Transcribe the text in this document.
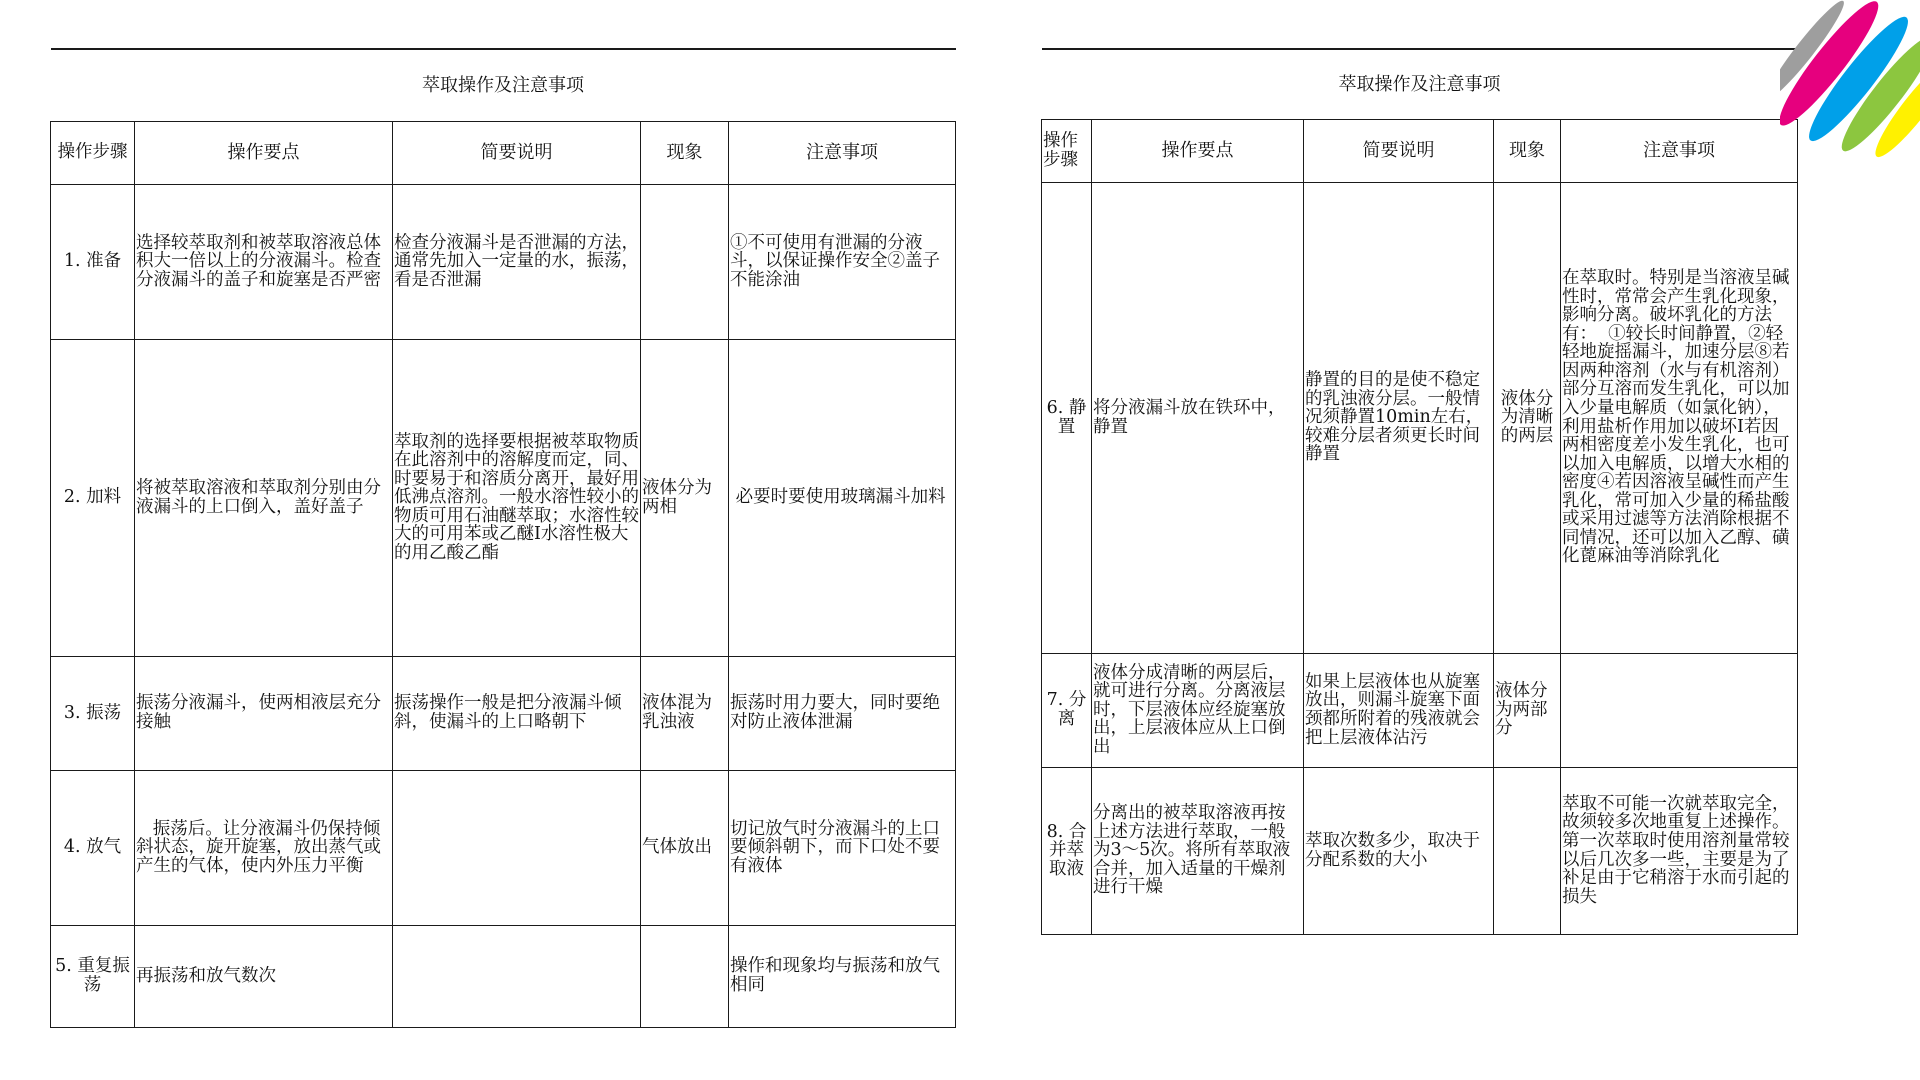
萃取操作及注意事项				
操作步骤	操作要点	简要说明	现象	注意事项
1. 准备	选择较萃取剂和被萃取溶液总体积大一倍以上的分液漏斗。检查分液漏斗的盖子和旋塞是否严密	检查分液漏斗是否泄漏的方法，通常先加入一定量的水，振荡，看是否泄漏		①不可使用有泄漏的分液斗，以保证操作安全②盖子不能涂油
2. 加料	将被萃取溶液和萃取剂分别由分液漏斗的上口倒入，盖好盖子	萃取剂的选择要根据被萃取物质在此溶剂中的溶解度而定，同、时要易于和溶质分离开，最好用低沸点溶剂。一般水溶性较小的物质可用石油醚萃取；水溶性较大的可用苯或乙醚I水溶性极大的用乙酸乙酯	液体分为两相	必要时要使用玻璃漏斗加料
3. 振荡	振荡分液漏斗，使两相液层充分接触	振荡操作一般是把分液漏斗倾斜，使漏斗的上口略朝下	液体混为乳浊液	振荡时用力要大，同时要绝对防止液体泄漏
4. 放气	振荡后。让分液漏斗仍保持倾斜状态，旋开旋塞，放出蒸气或产生的气体，使内外压力平衡		气体放出	切记放气时分液漏斗的上口要倾斜朝下，而下口处不要有液体
5. 重复振荡	再振荡和放气数次			操作和现象均与振荡和放气相同
萃取操作及注意事项				
操作步骤	操作要点	简要说明	现象	注意事项
6. 静置	将分液漏斗放在铁环中，静置	静置的目的是使不稳定的乳浊液分层。一般情况须静置10min左右，较难分层者须更长时间静置	液体分为清晰的两层	在萃取时。特别是当溶液呈碱性时，常常会产生乳化现象，影响分离。破坏乳化的方法有：  ①较长时间静置，②轻轻地旋摇漏斗，加速分层⑧若因两种溶剂（水与有机溶剂）部分互溶而发生乳化，可以加入少量电解质（如氯化钠），利用盐析作用加以破坏I若因两相密度差小发生乳化，也可以加入电解质，以增大水相的密度④若因溶液呈碱性而产生乳化，常可加入少量的稀盐酸或采用过滤等方法消除根据不同情况，还可以加入乙醇、磺化蓖麻油等消除乳化
7. 分离	液体分成清晰的两层后，就可进行分离。分离液层时，下层液体应经旋塞放出，上层液体应从上口倒出	如果上层液体也从旋塞放出，则漏斗旋塞下面颈都所附着的残液就会把上层液体沾污	液体分为两部分	
8. 合并萃取液	分离出的被萃取溶液再按上述方法进行萃取，一般为3～5次。将所有萃取液合并，加入适量的干燥剂进行干燥	萃取次数多少，取决于分配系数的大小		萃取不可能一次就萃取完全，故须较多次地重复上述操作。第一次萃取时使用溶剂量常较以后几次多一些，主要是为了补足由于它稍溶于水而引起的损失
